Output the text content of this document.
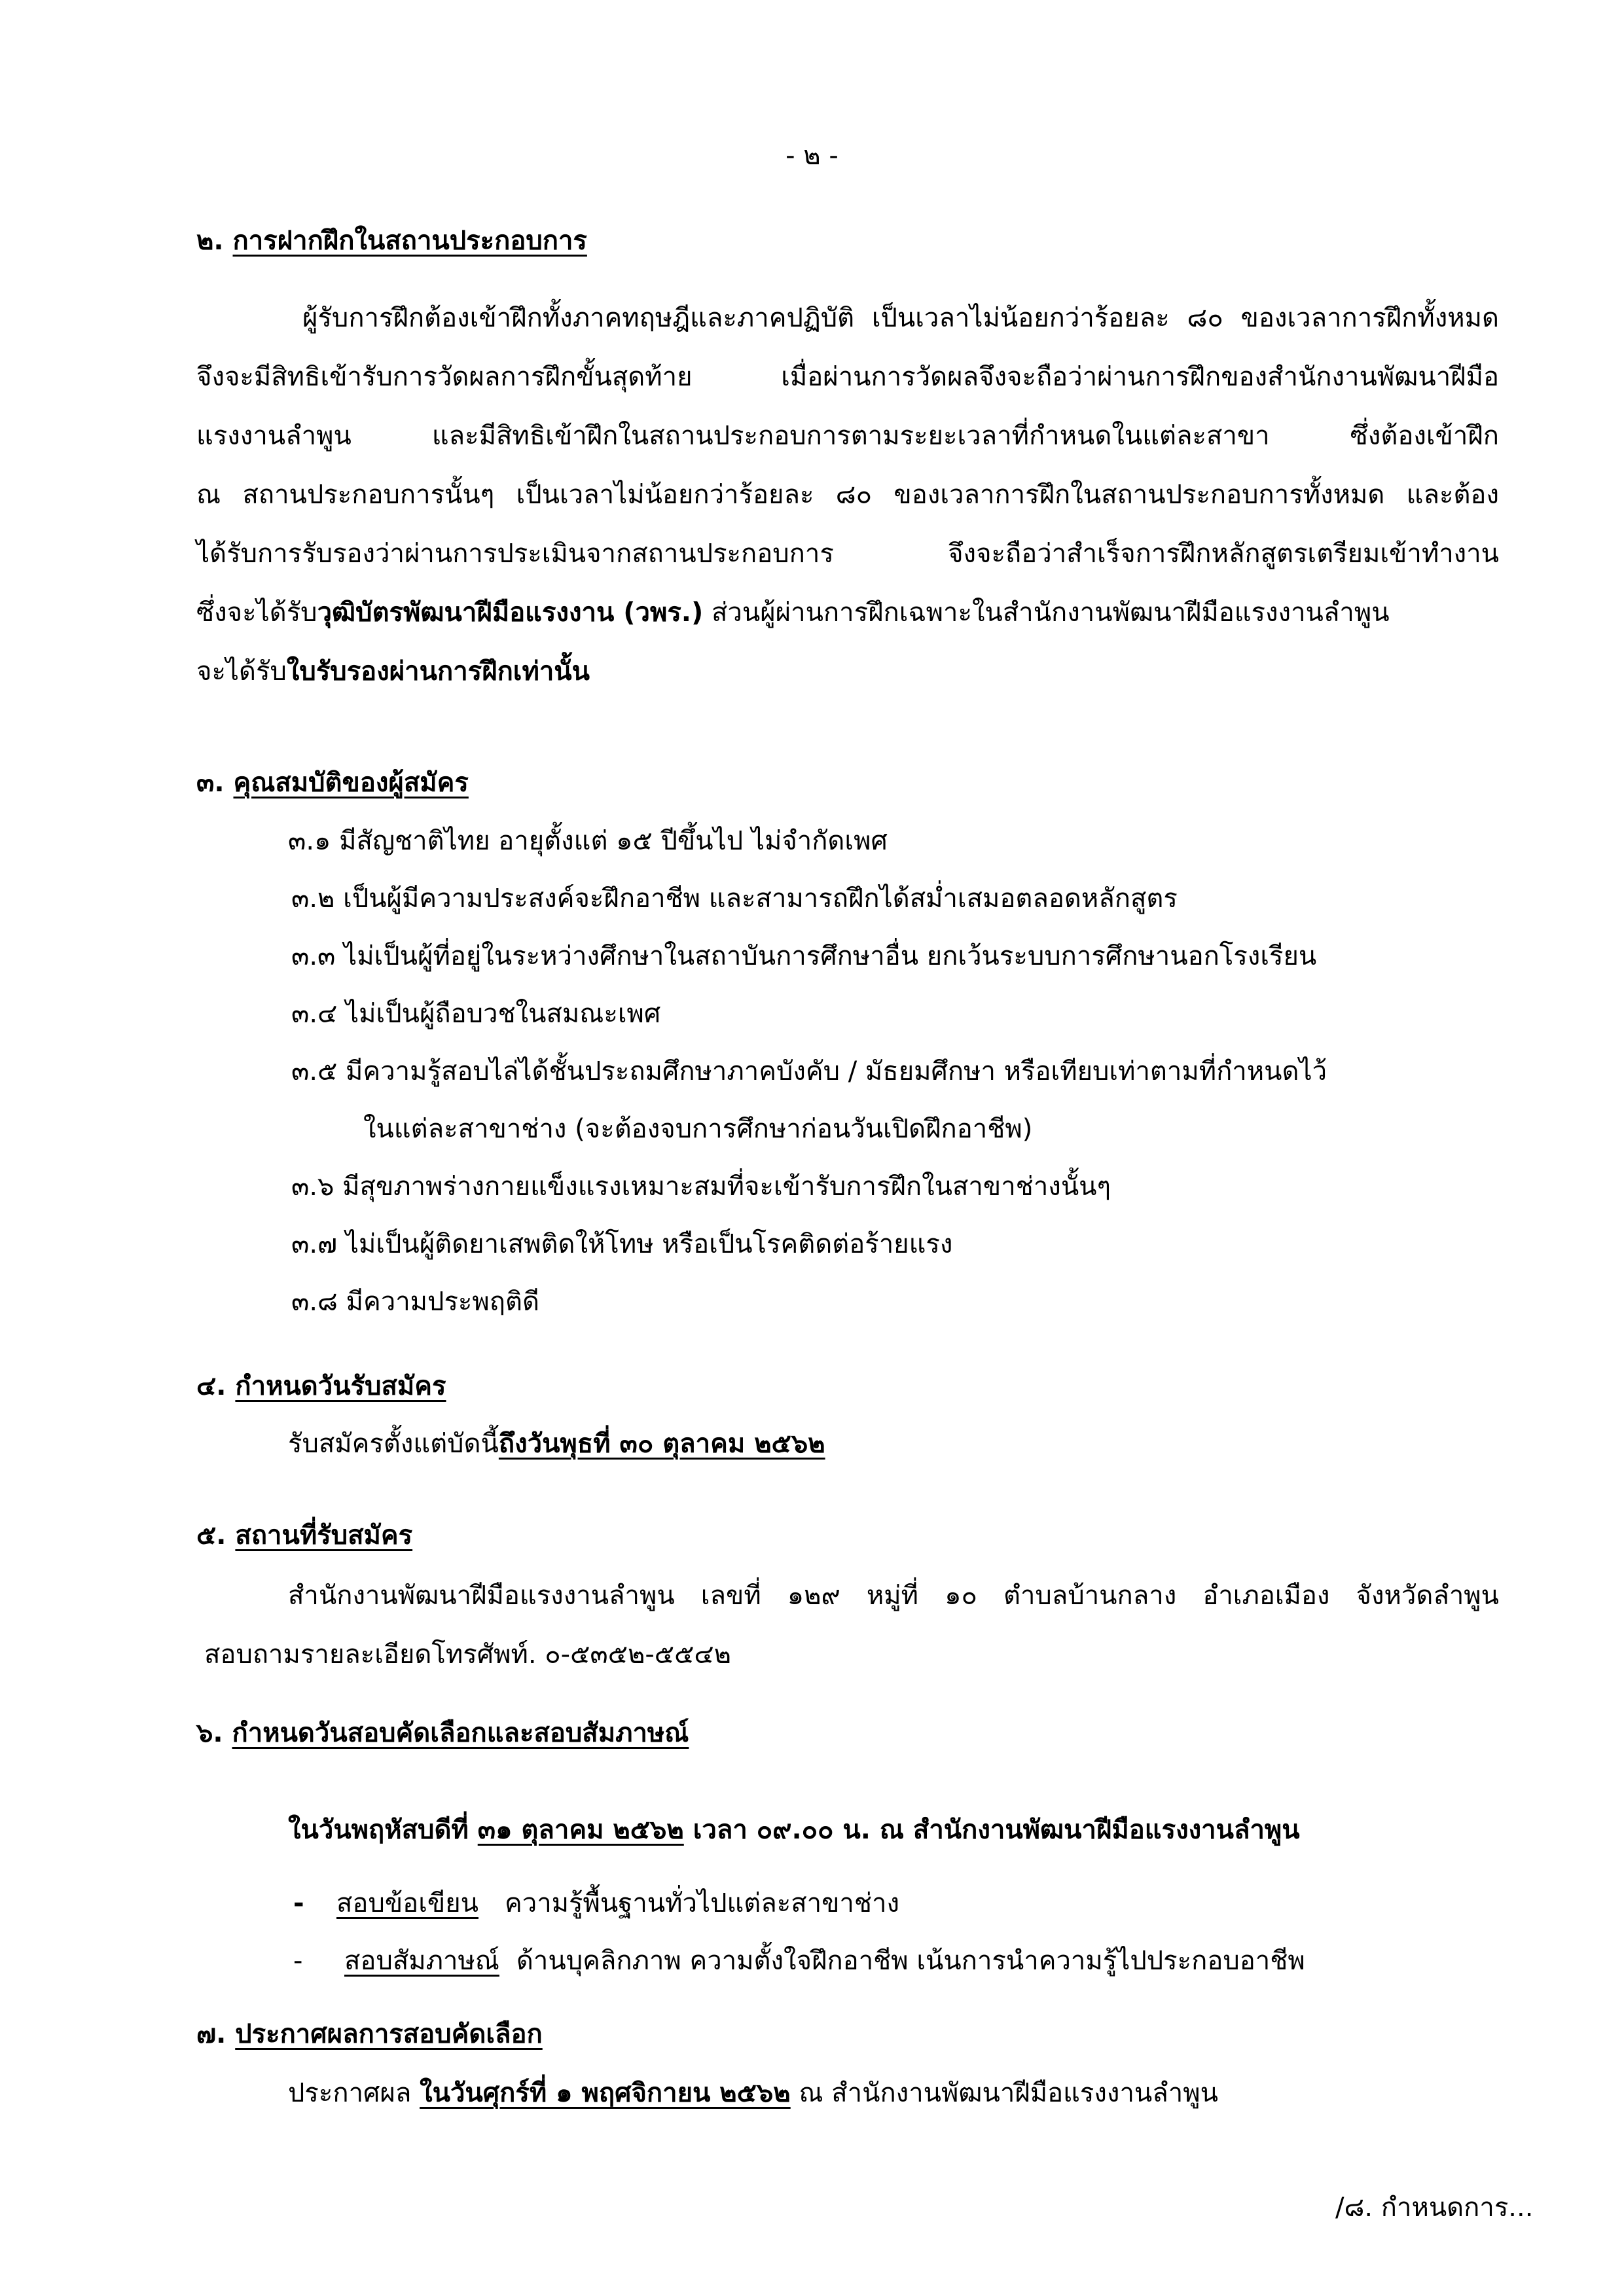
- ๒ -
๒. การฝากฝึกในสถานประกอบการ
ผู้รับการฝึกต้องเข้าฝึกทั้งภาคทฤษฎีและภาคปฏิบัติ เป็นเวลาไม่น้อยกว่าร้อยละ ๘๐ ของเวลาการฝึกทั้งหมด
จึงจะมีสิทธิเข้ารับการวัดผลการฝึกขั้นสุดท้าย เมื่อผ่านการวัดผลจึงจะถือว่าผ่านการฝึกของสำนักงานพัฒนาฝีมือ
แรงงานลำพูน และมีสิทธิเข้าฝึกในสถานประกอบการตามระยะเวลาที่กำหนดในแต่ละสาขา ซึ่งต้องเข้าฝึก
ณ สถานประกอบการนั้นๆ เป็นเวลาไม่น้อยกว่าร้อยละ ๘๐ ของเวลาการฝึกในสถานประกอบการทั้งหมด และต้อง
ได้รับการรับรองว่าผ่านการประเมินจากสถานประกอบการ จึงจะถือว่าสำเร็จการฝึกหลักสูตรเตรียมเข้าทำงาน
ซึ่งจะได้รับวุฒิบัตรพัฒนาฝีมือแรงงาน (วพร.) ส่วนผู้ผ่านการฝึกเฉพาะในสำนักงานพัฒนาฝีมือแรงงานลำพูน
จะได้รับใบรับรองผ่านการฝึกเท่านั้น
๓. คุณสมบัติของผู้สมัคร
๓.๑ มีสัญชาติไทย อายุตั้งแต่ ๑๕ ปีขึ้นไป ไม่จำกัดเพศ
๓.๒ เป็นผู้มีความประสงค์จะฝึกอาชีพ และสามารถฝึกได้สม่ำเสมอตลอดหลักสูตร
๓.๓ ไม่เป็นผู้ที่อยู่ในระหว่างศึกษาในสถาบันการศึกษาอื่น ยกเว้นระบบการศึกษานอกโรงเรียน
๓.๔ ไม่เป็นผู้ถือบวชในสมณะเพศ
๓.๕ มีความรู้สอบไล่ได้ชั้นประถมศึกษาภาคบังคับ / มัธยมศึกษา หรือเทียบเท่าตามที่กำหนดไว้
ในแต่ละสาขาช่าง (จะต้องจบการศึกษาก่อนวันเปิดฝึกอาชีพ)
๓.๖ มีสุขภาพร่างกายแข็งแรงเหมาะสมที่จะเข้ารับการฝึกในสาขาช่างนั้นๆ
๓.๗ ไม่เป็นผู้ติดยาเสพติดให้โทษ หรือเป็นโรคติดต่อร้ายแรง
๓.๘ มีความประพฤติดี
๔. กำหนดวันรับสมัคร
รับสมัครตั้งแต่บัดนี้ถึงวันพุธที่ ๓๐ ตุลาคม ๒๕๖๒
๕. สถานที่รับสมัคร
สำนักงานพัฒนาฝีมือแรงงานลำพูน เลขที่ ๑๒๙ หมู่ที่ ๑๐ ตำบลบ้านกลาง อำเภอเมือง จังหวัดลำพูน
สอบถามรายละเอียดโทรศัพท์. ๐-๕๓๕๒-๕๕๔๒
๖. กำหนดวันสอบคัดเลือกและสอบสัมภาษณ์
ในวันพฤหัสบดีที่ ๓๑ ตุลาคม ๒๕๖๒ เวลา ๐๙.๐๐ น. ณ สำนักงานพัฒนาฝีมือแรงงานลำพูน
- สอบข้อเขียน ความรู้พื้นฐานทั่วไปแต่ละสาขาช่าง
- สอบสัมภาษณ์ ด้านบุคลิกภาพ ความตั้งใจฝึกอาชีพ เน้นการนำความรู้ไปประกอบอาชีพ
๗. ประกาศผลการสอบคัดเลือก
ประกาศผล ในวันศุกร์ที่ ๑ พฤศจิกายน ๒๕๖๒ ณ สำนักงานพัฒนาฝีมือแรงงานลำพูน
/๘. กำหนดการ...
